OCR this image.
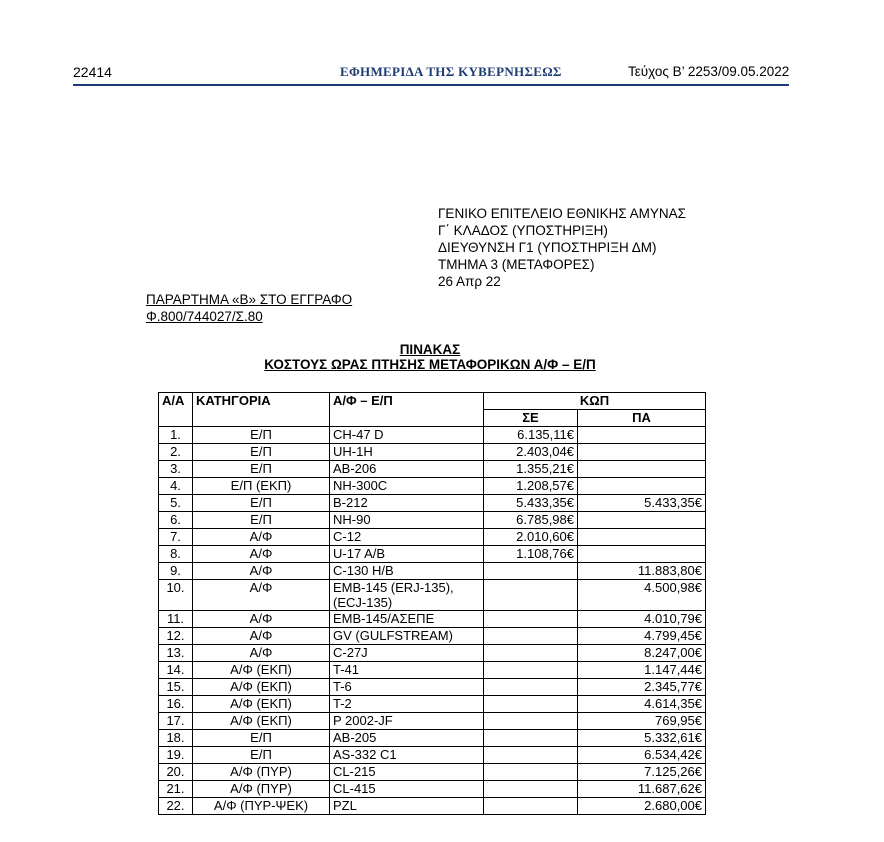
22414	ΕΦΗΜΕΡΙΔΑ ΤΗΣ ΚΥΒΕΡΝΗΣΕΩΣ	Τεύχος Β’ 2253/09.05.2022
ΓΕΝΙΚΟ ΕΠΙΤΕΛΕΙΟ ΕΘΝΙΚΗΣ ΑΜΥΝΑΣ
Γ΄ ΚΛΑΔΟΣ (ΥΠΟΣΤΗΡΙΞΗ)
ΔΙΕΥΘΥΝΣΗ Γ1 (ΥΠΟΣΤΗΡΙΞΗ ΔΜ)
ΤΜΗΜΑ 3 (ΜΕΤΑΦΟΡΕΣ)
26 Απρ 22
ΠΑΡΑΡΤΗΜΑ «Β» ΣΤΟ ΕΓΓΡΑΦΟ
Φ.800/744027/Σ.80
ΠΙΝΑΚΑΣ
ΚΟΣΤΟΥΣ ΩΡΑΣ ΠΤΗΣΗΣ ΜΕΤΑΦΟΡΙΚΩΝ Α/Φ – Ε/Π
Α/Α	ΚΑΤΗΓΟΡΙΑ	Α/Φ – Ε/Π	ΚΩΠ	
			ΣΕ	ΠΑ
1.	Ε/Π	CH-47 D	6.135,11€	
2.	Ε/Π	UH-1H	2.403,04€	
3.	Ε/Π	AB-206	1.355,21€	
4.	Ε/Π (ΕΚΠ)	NH-300C	1.208,57€	
5.	Ε/Π	B-212	5.433,35€	5.433,35€
6.	Ε/Π	NH-90	6.785,98€	
7.	Α/Φ	C-12	2.010,60€	
8.	Α/Φ	U-17 A/B	1.108,76€	
9.	Α/Φ	C-130 H/B		11.883,80€
10.	Α/Φ	EMB-145 (ERJ-135),
(ECJ-135)		4.500,98€
11.	Α/Φ	EMB-145/ΑΣΕΠΕ		4.010,79€
12.	Α/Φ	GV (GULFSTREAM)		4.799,45€
13.	Α/Φ	C-27J		8.247,00€
14.	Α/Φ (ΕΚΠ)	T-41		1.147,44€
15.	Α/Φ (ΕΚΠ)	T-6		2.345,77€
16.	Α/Φ (ΕΚΠ)	T-2		4.614,35€
17.	Α/Φ (ΕΚΠ)	P 2002-JF		769,95€
18.	Ε/Π	AB-205		5.332,61€
19.	Ε/Π	AS-332 C1		6.534,42€
20.	Α/Φ (ΠΥΡ)	CL-215		7.125,26€
21.	Α/Φ (ΠΥΡ)	CL-415		11.687,62€
22.	Α/Φ (ΠΥΡ-ΨΕΚ)	PZL		2.680,00€
